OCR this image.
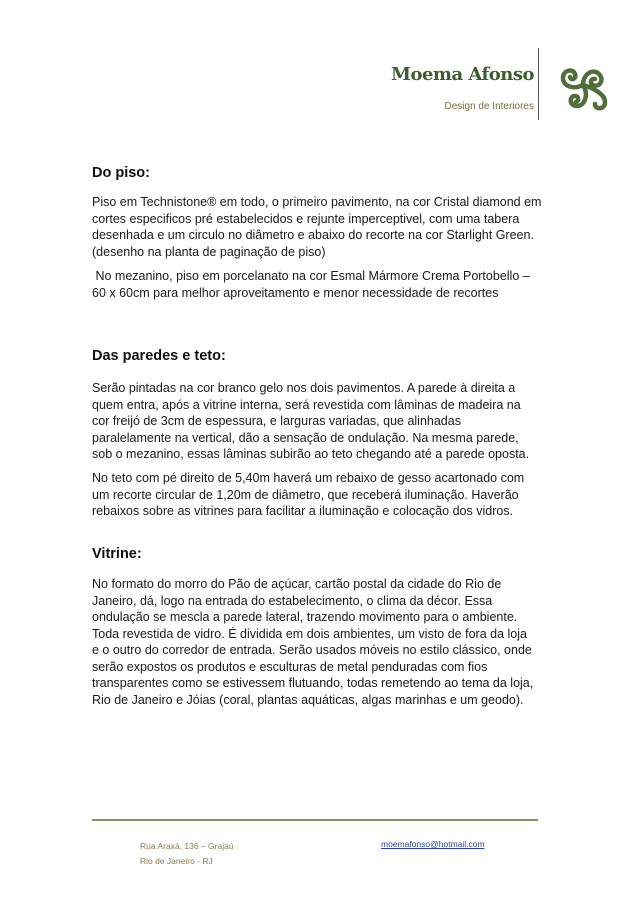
Moema Afonso
Design de Interiores
Do piso:

Piso em Technistone® em todo, o primeiro pavimento, na cor Cristal diamond em
cortes especificos pré estabelecidos e rejunte imperceptivel, com uma tabera
desenhada e um circulo no diâmetro e abaixo do recorte na cor Starlight Green.
(desenho na planta de paginação de piso)

No mezanino, piso em porcelanato na cor Esmal Mármore Crema Portobello –
60 x 60cm para melhor aproveitamento e menor necessidade de recortes

Das paredes e teto:

Serão pintadas na cor branco gelo nos dois pavimentos. A parede à direita a
quem entra, após a vitrine interna, será revestida com lâminas de madeira na
cor freijó de 3cm de espessura, e larguras variadas, que alinhadas
paralelamente na vertical, dão a sensação de ondulação. Na mesma parede,
sob o mezanino, essas lâminas subirão ao teto chegando até a parede oposta.

No teto com pé direito de 5,40m haverá um rebaixo de gesso acartonado com
um recorte circular de 1,20m de diâmetro, que receberá iluminação. Haverão
rebaixos sobre as vitrines para facilitar a iluminação e colocação dos vidros.

Vitrine:

No formato do morro do Pão de açúcar, cartão postal da cidade do Rio de
Janeiro, dá, logo na entrada do estabelecimento, o clima da décor. Essa
ondulação se mescla a parede lateral, trazendo movimento para o ambiente.
Toda revestida de vidro. É dividida em dois ambientes, um visto de fora da loja
e o outro do corredor de entrada. Serão usados móveis no estilo clássico, onde
serão expostos os produtos e esculturas de metal penduradas com fios
transparentes como se estivessem flutuando, todas remetendo ao tema da loja,
Rio de Janeiro e Jóias (coral, plantas aquáticas, algas marinhas e um geodo).

Rua Araxá, 136 – Grajaú
Rio de Janeiro - RJ
moemafonso@hotmail.com
